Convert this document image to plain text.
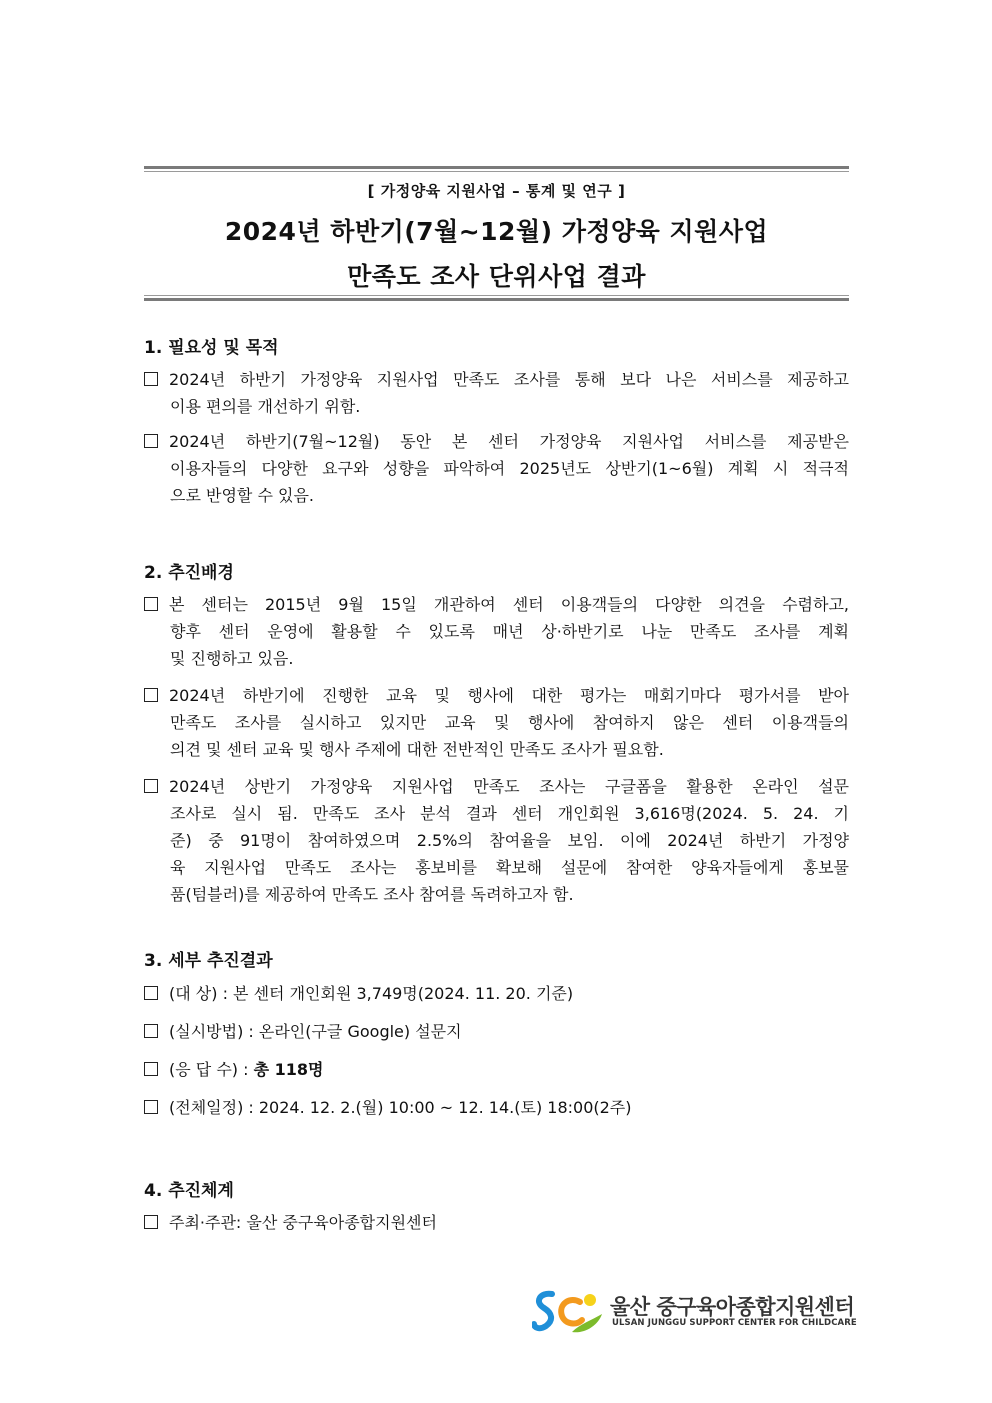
[ 가정양육 지원사업 – 통계 및 연구 ]
2024년 하반기(7월~12월) 가정양육 지원사업
만족도 조사 단위사업 결과
1. 필요성 및 목적
2024년 하반기 가정양육 지원사업 만족도 조사를 통해 보다 나은 서비스를 제공하고
이용 편의를 개선하기 위함.
2024년 하반기(7월~12월) 동안 본 센터 가정양육 지원사업 서비스를 제공받은
이용자들의 다양한 요구와 성향을 파악하여 2025년도 상반기(1~6월) 계획 시 적극적
으로 반영할 수 있음.
2. 추진배경
본 센터는 2015년 9월 15일 개관하여 센터 이용객들의 다양한 의견을 수렴하고,
향후 센터 운영에 활용할 수 있도록 매년 상·하반기로 나눈 만족도 조사를 계획
및 진행하고 있음.
2024년 하반기에 진행한 교육 및 행사에 대한 평가는 매회기마다 평가서를 받아
만족도 조사를 실시하고 있지만 교육 및 행사에 참여하지 않은 센터 이용객들의
의견 및 센터 교육 및 행사 주제에 대한 전반적인 만족도 조사가 필요함.
2024년 상반기 가정양육 지원사업 만족도 조사는 구글폼을 활용한 온라인 설문
조사로 실시 됨. 만족도 조사 분석 결과 센터 개인회원 3,616명(2024. 5. 24. 기
준) 중 91명이 참여하였으며 2.5%의 참여율을 보임. 이에 2024년 하반기 가정양
육 지원사업 만족도 조사는 홍보비를 확보해 설문에 참여한 양육자들에게 홍보물
품(텀블러)를 제공하여 만족도 조사 참여를 독려하고자 함.
3. 세부 추진결과
(대 상) : 본 센터 개인회원 3,749명(2024. 11. 20. 기준)
(실시방법) : 온라인(구글 Google) 설문지
(응 답 수) : 총 118명
(전체일정) : 2024. 12. 2.(월) 10:00 ~ 12. 14.(토) 18:00(2주)
4. 추진체계
주최·주관: 울산 중구육아종합지원센터
울산 중구육아종합지원센터
ULSAN JUNGGU SUPPORT CENTER FOR CHILDCARE
